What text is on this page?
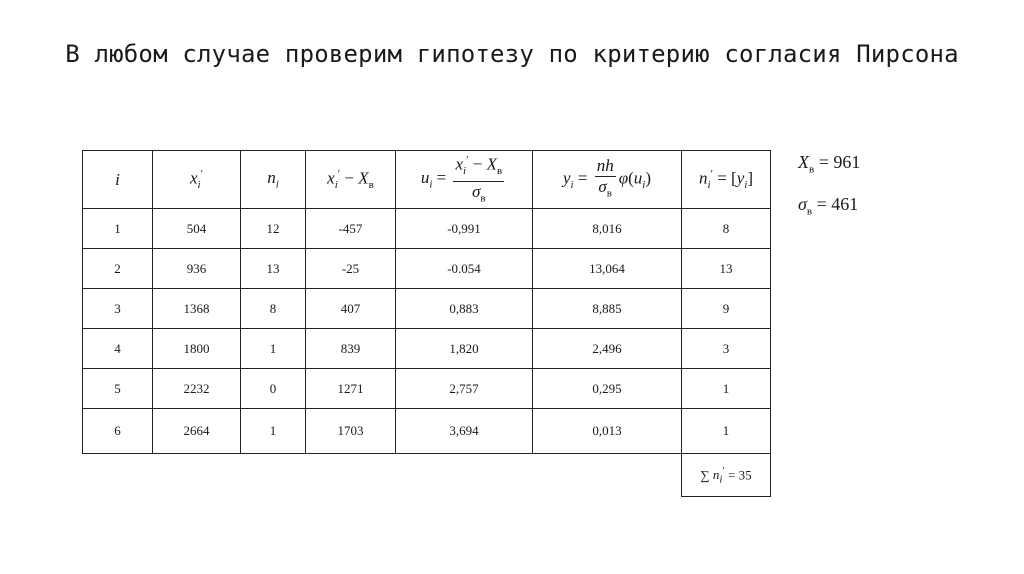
В любом случае проверим гипотезу по критерию согласия Пирсона
i	$x_i'$	$n_i$	$x_i' - X_в$	$u_i = \frac{x_i' - X_в}{\sigma_в}$	$y_i = \frac{nh}{\sigma_в} \varphi(u_i)$	$n_i' = [y_i]$
1	504	12	-457	-0,991	8,016	8
2	936	13	-25	-0.054	13,064	13
3	1368	8	407	0,883	8,885	9
4	1800	1	839	1,820	2,496	3
5	2232	0	1271	2,757	0,295	1
6	2664	1	1703	3,694	0,013	1
						∑ $n_i' = 35$
$X_в = 961$
$\sigma_в = 461$
